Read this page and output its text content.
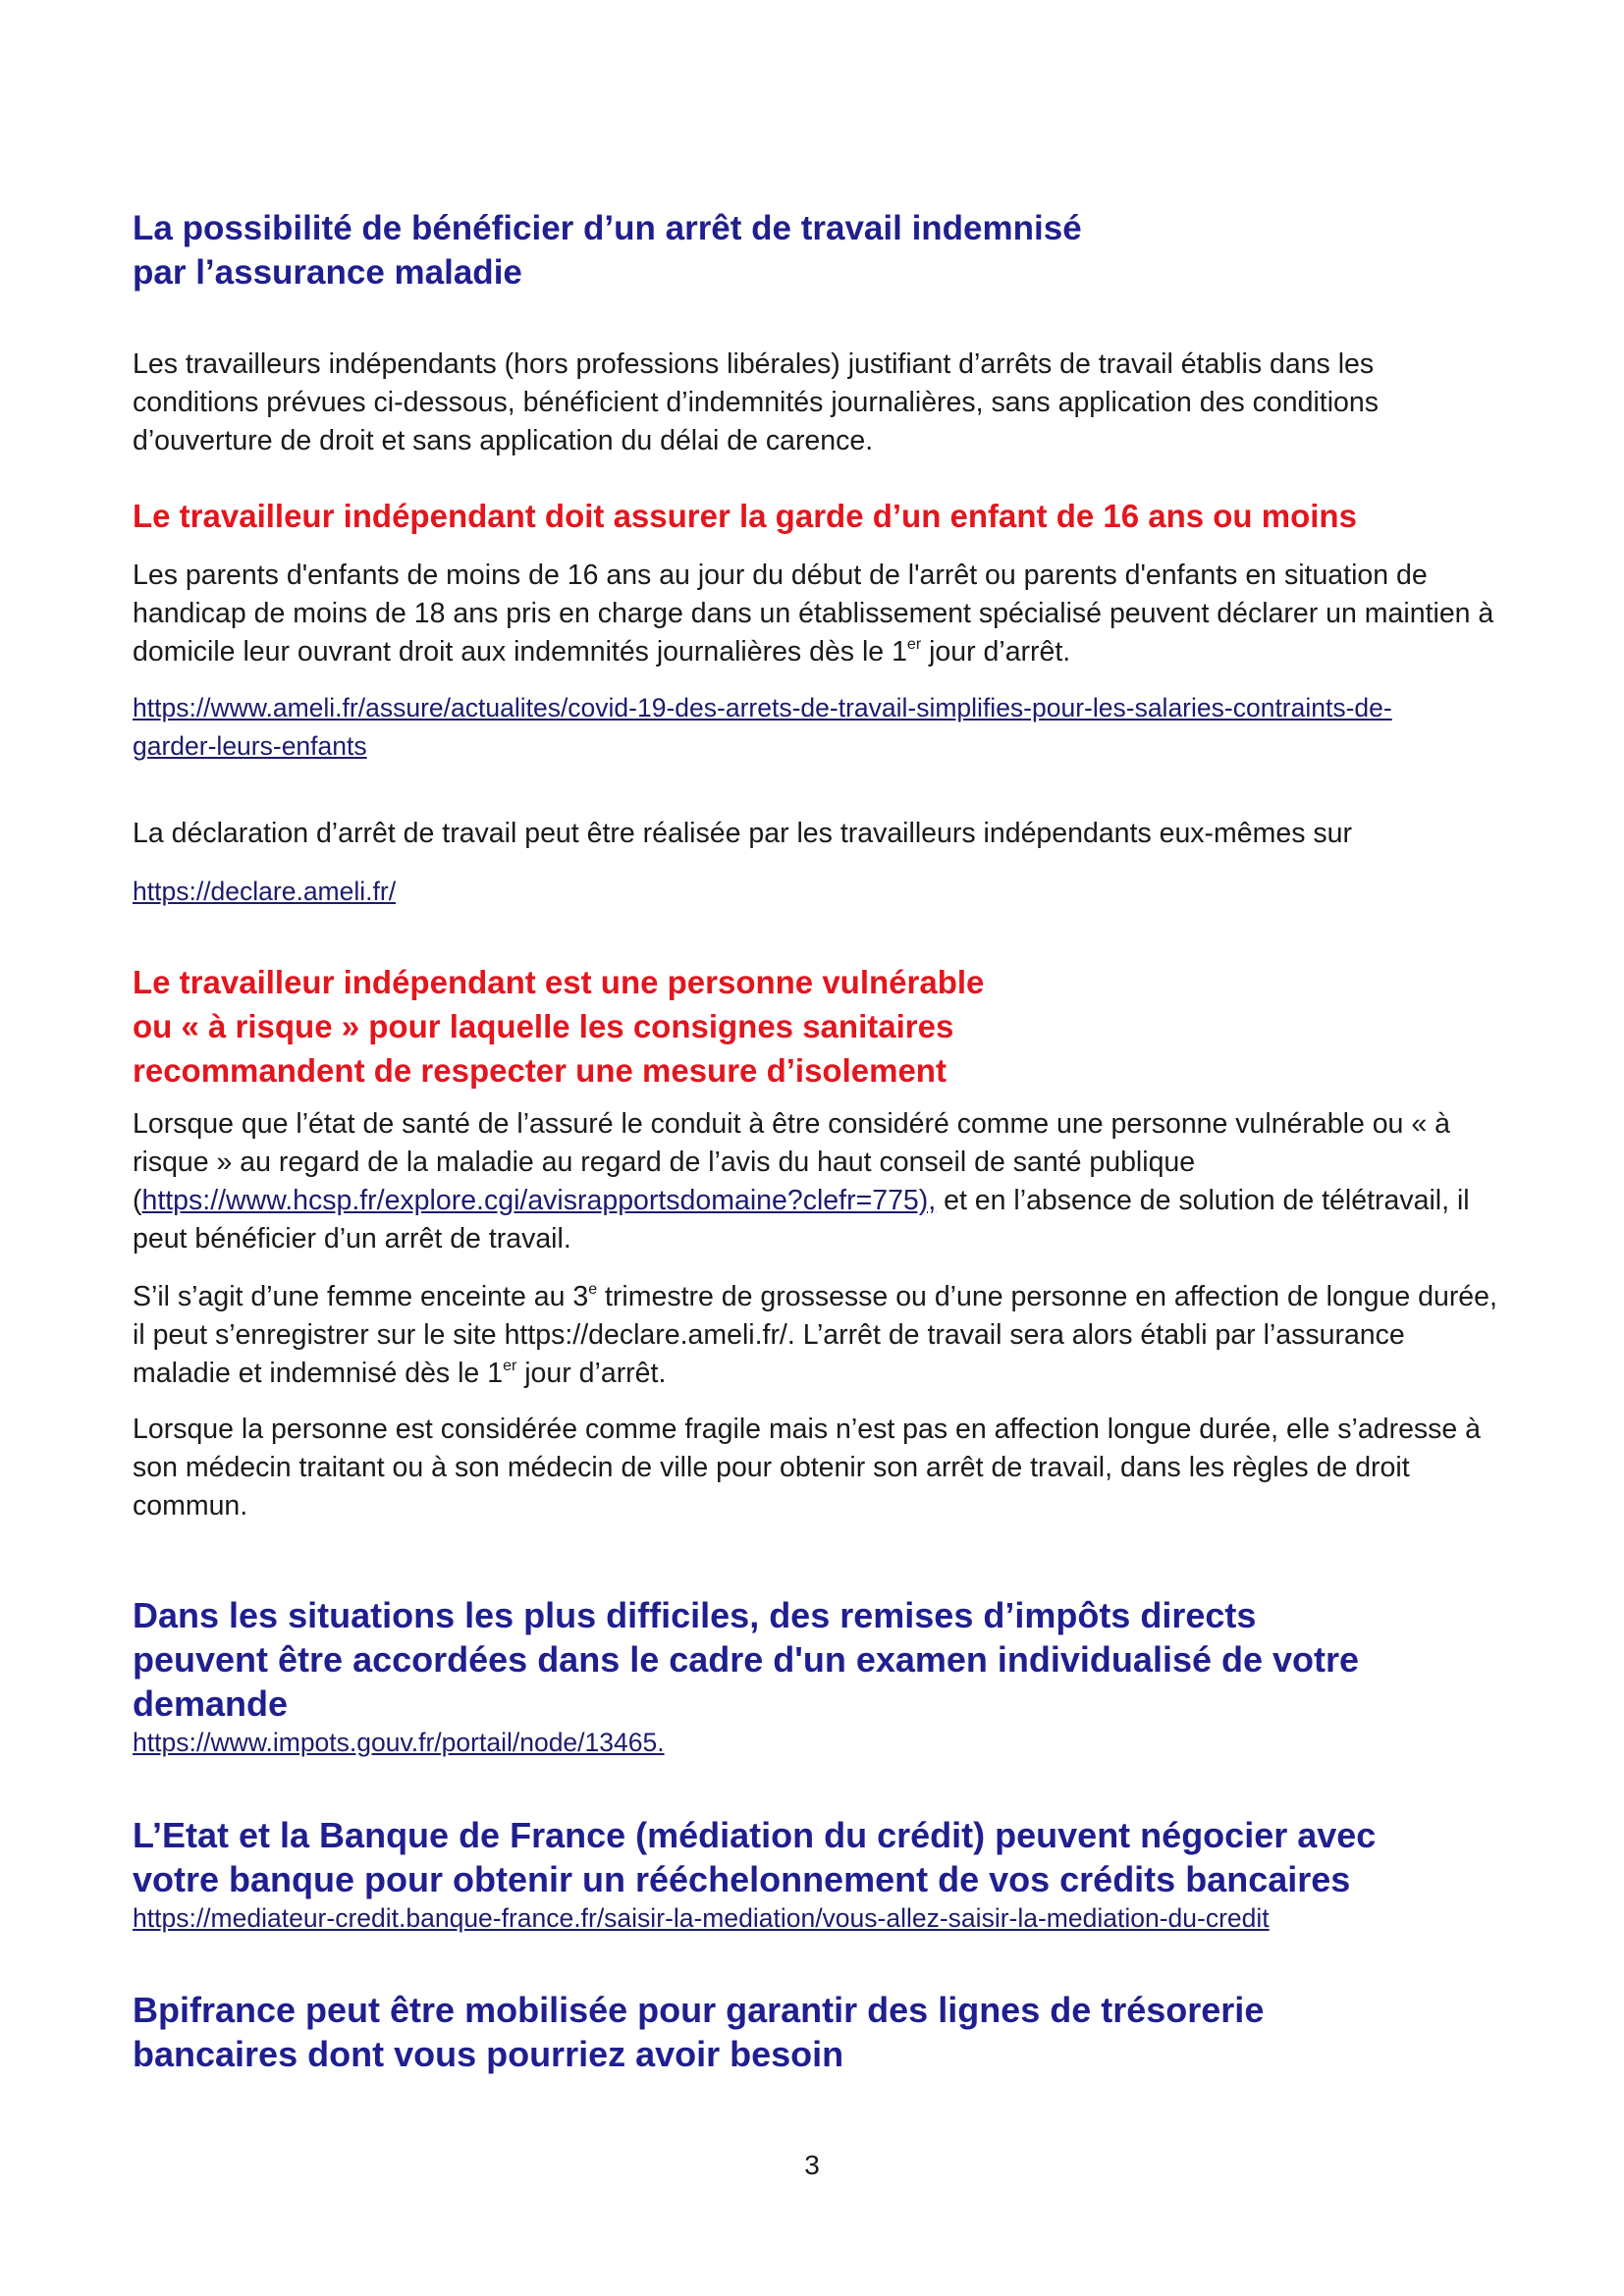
La possibilité de bénéficier d’un arrêt de travail indemnisé
par l’assurance maladie

Les travailleurs indépendants (hors professions libérales) justifiant d’arrêts de travail établis dans les conditions prévues ci-dessous, bénéficient d’indemnités journalières, sans application des conditions d’ouverture de droit et sans application du délai de carence.

Le travailleur indépendant doit assurer la garde d’un enfant de 16 ans ou moins

Les parents d'enfants de moins de 16 ans au jour du début de l'arrêt ou parents d'enfants en situation de handicap de moins de 18 ans pris en charge dans un établissement spécialisé peuvent déclarer un maintien à domicile leur ouvrant droit aux indemnités journalières dès le 1er jour d’arrêt.

https://www.ameli.fr/assure/actualites/covid-19-des-arrets-de-travail-simplifies-pour-les-salaries-contraints-de-
garder-leurs-enfants

La déclaration d’arrêt de travail peut être réalisée par les travailleurs indépendants eux-mêmes sur

https://declare.ameli.fr/

Le travailleur indépendant est une personne vulnérable
ou « à risque » pour laquelle les consignes sanitaires
recommandent de respecter une mesure d’isolement

Lorsque que l’état de santé de l’assuré le conduit à être considéré comme une personne vulnérable ou « à risque » au regard de la maladie au regard de l’avis du haut conseil de santé publique (https://www.hcsp.fr/explore.cgi/avisrapportsdomaine?clefr=775), et en l’absence de solution de télétravail, il peut bénéficier d’un arrêt de travail.

S’il s’agit d’une femme enceinte au 3e trimestre de grossesse ou d’une personne en affection de longue durée, il peut s’enregistrer sur le site https://declare.ameli.fr/. L’arrêt de travail sera alors établi par l’assurance maladie et indemnisé dès le 1er jour d’arrêt.

Lorsque la personne est considérée comme fragile mais n’est pas en affection longue durée, elle s’adresse à son médecin traitant ou à son médecin de ville pour obtenir son arrêt de travail, dans les règles de droit commun.

Dans les situations les plus difficiles, des remises d’impôts directs
peuvent être accordées dans le cadre d'un examen individualisé de votre
demande

https://www.impots.gouv.fr/portail/node/13465.

L’Etat et la Banque de France (médiation du crédit) peuvent négocier avec
votre banque pour obtenir un rééchelonnement de vos crédits bancaires

https://mediateur-credit.banque-france.fr/saisir-la-mediation/vous-allez-saisir-la-mediation-du-credit

Bpifrance peut être mobilisée pour garantir des lignes de trésorerie
bancaires dont vous pourriez avoir besoin
3
